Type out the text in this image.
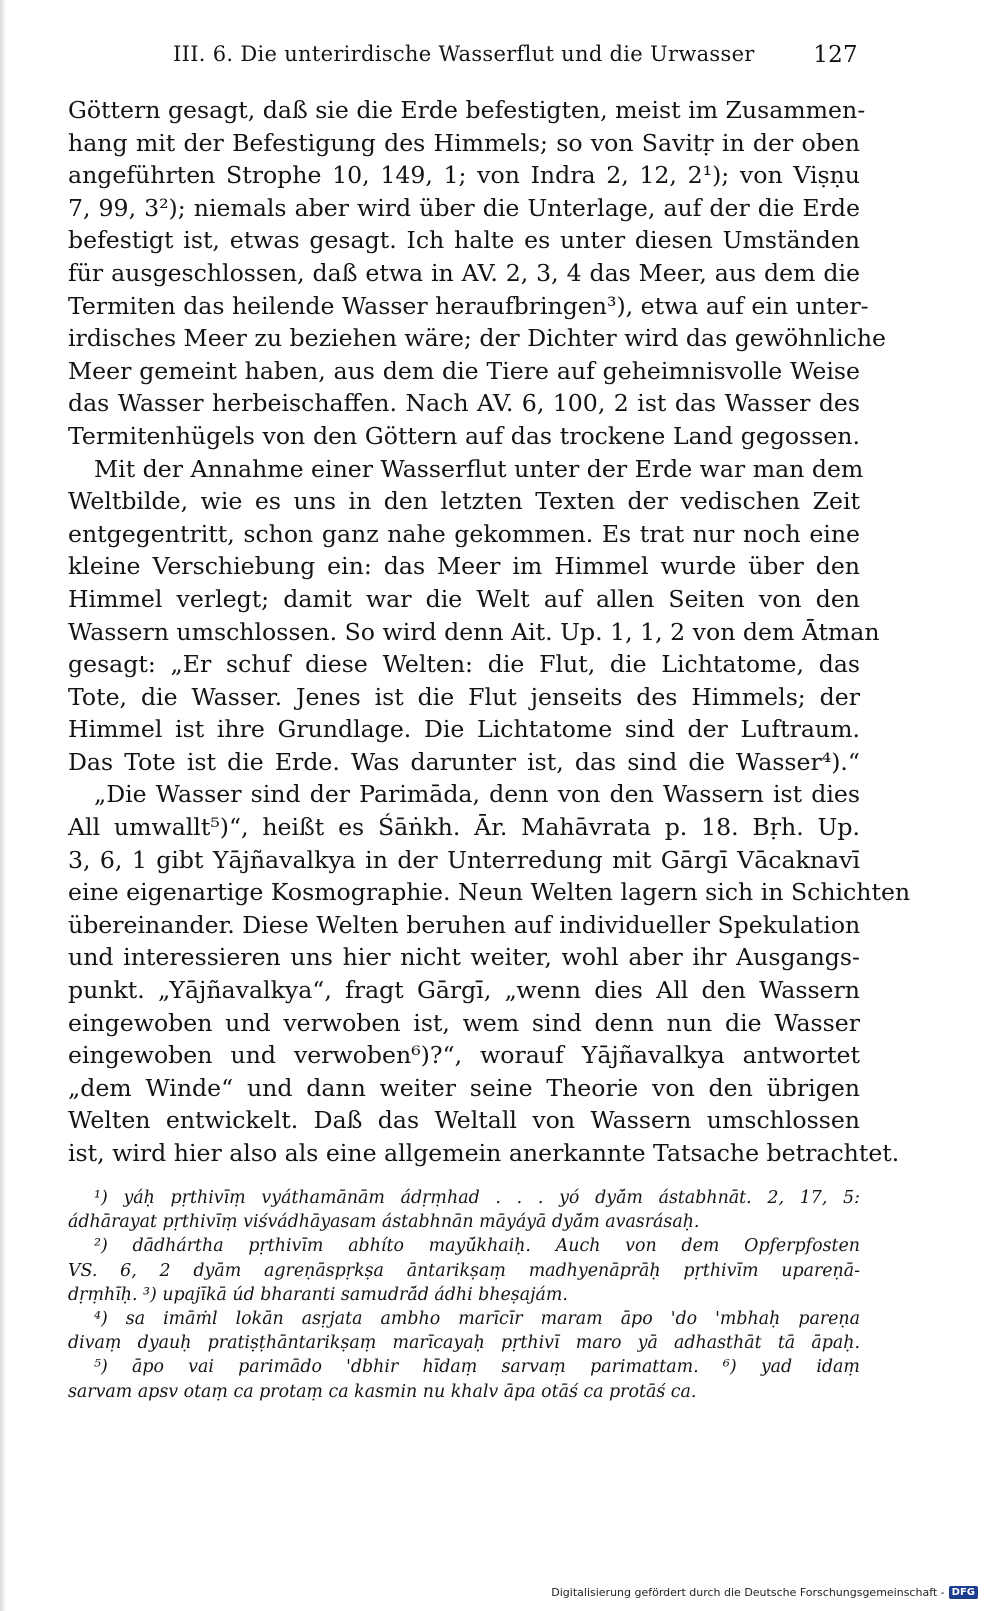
III. 6. Die unterirdische Wasserflut und die Urwasser	127
Göttern gesagt, daß sie die Erde befestigten, meist im Zusammen-
hang mit der Befestigung des Himmels; so von Savitṛ in der oben
angeführten Strophe 10, 149, 1; von Indra 2, 12, 2¹); von Viṣṇu
7, 99, 3²); niemals aber wird über die Unterlage, auf der die Erde
befestigt ist, etwas gesagt. Ich halte es unter diesen Umständen
für ausgeschlossen, daß etwa in AV. 2, 3, 4 das Meer, aus dem die
Termiten das heilende Wasser heraufbringen³), etwa auf ein unter-
irdisches Meer zu beziehen wäre; der Dichter wird das gewöhnliche
Meer gemeint haben, aus dem die Tiere auf geheimnisvolle Weise
das Wasser herbeischaffen. Nach AV. 6, 100, 2 ist das Wasser des
Termitenhügels von den Göttern auf das trockene Land gegossen.
Mit der Annahme einer Wasserflut unter der Erde war man dem
Weltbilde, wie es uns in den letzten Texten der vedischen Zeit
entgegentritt, schon ganz nahe gekommen. Es trat nur noch eine
kleine Verschiebung ein: das Meer im Himmel wurde über den
Himmel verlegt; damit war die Welt auf allen Seiten von den
Wassern umschlossen. So wird denn Ait. Up. 1, 1, 2 von dem Ātman
gesagt: „Er schuf diese Welten: die Flut, die Lichtatome, das
Tote, die Wasser. Jenes ist die Flut jenseits des Himmels; der
Himmel ist ihre Grundlage. Die Lichtatome sind der Luftraum.
Das Tote ist die Erde. Was darunter ist, das sind die Wasser⁴).“
„Die Wasser sind der Parimāda, denn von den Wassern ist dies
All umwallt⁵)“, heißt es Śāṅkh. Ār. Mahāvrata p. 18. Bṛh. Up.
3, 6, 1 gibt Yājñavalkya in der Unterredung mit Gārgī Vācaknavī
eine eigenartige Kosmographie. Neun Welten lagern sich in Schichten
übereinander. Diese Welten beruhen auf individueller Spekulation
und interessieren uns hier nicht weiter, wohl aber ihr Ausgangs-
punkt. „Yājñavalkya“, fragt Gārgī, „wenn dies All den Wassern
eingewoben und verwoben ist, wem sind denn nun die Wasser
eingewoben und verwoben⁶)?“, worauf Yājñavalkya antwortet
„dem Winde“ und dann weiter seine Theorie von den übrigen
Welten entwickelt. Daß das Weltall von Wassern umschlossen
ist, wird hier also als eine allgemein anerkannte Tatsache betrachtet.
¹) yáḥ pṛthivīṃ vyáthamānām ádṛṃhad . . . yó dyā́m ástabhnāt. 2, 17, 5:
ádhārayat pṛthivīṃ viśvádhāyasam ástabhnān māyáyā dyā́m avasrásaḥ.
²) dādhártha pṛthivīm abhíto mayū́khaiḥ. Auch von dem Opferpfosten
VS. 6, 2 dyām agreṇāspṛkṣa āntarikṣaṃ madhyenāprāḥ pṛthivīm upareṇā-
dṛṃhīḥ. ³) upajīkā úd bharanti samudrā́d ádhi bheṣajám.
⁴) sa imāṁl lokān asṛjata ambho marīcīr maram āpo 'do 'mbhaḥ pareṇa
divaṃ dyauḥ pratiṣṭhāntarikṣaṃ marīcayaḥ pṛthivī maro yā adhasthāt tā āpaḥ.
⁵) āpo vai parimādo 'dbhir hīdaṃ sarvaṃ parimattam. ⁶) yad idaṃ
sarvam apsv otaṃ ca protaṃ ca kasmin nu khalv āpa otāś ca protāś ca.
Digitalisierung gefördert durch die Deutsche Forschungsgemeinschaft - DFG
